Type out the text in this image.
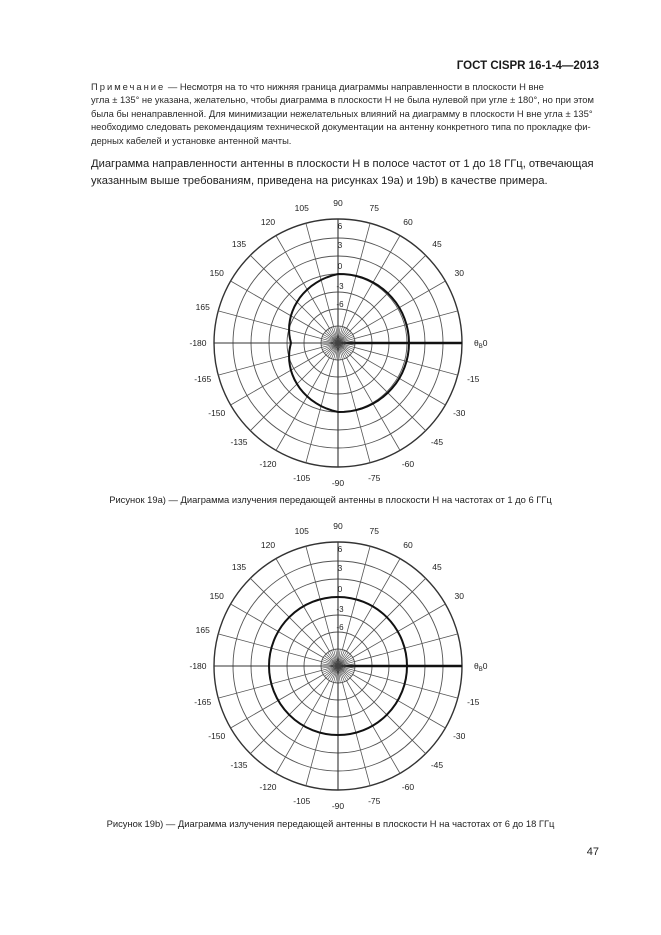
ГОСТ CISPR 16-1-4—2013
Примечание — Несмотря на то что нижняя граница диаграммы направленности в плоскости H вне
угла ± 135° не указана, желательно, чтобы диаграмма в плоскости H не была нулевой при угле ± 180°, но при этом
была бы ненаправленной. Для минимизации нежелательных влияний на диаграмму в плоскости H вне угла ± 135°
необходимо следовать рекомендациям технической документации на антенну конкретного типа по прокладке фи-
дерных кабелей и установке антенной мачты.
Диаграмма направленности антенны в плоскости H в полосе частот от 1 до 18 ГГц, отвечающая
указанным выше требованиям, приведена на рисунках 19a) и 19b) в качестве примера.
90	75
60
45
30
$\theta_B0$
-15
-30
-45
-60
-75
-90
-105
-120
-135
-150
-165
-180
165
150
135
120
105
6
3
0
-3
-6
Рисунок 19a) — Диаграмма излучения передающей антенны в плоскости H на частотах от 1 до 6 ГГц
90	75
60
45
30
$\theta_B0$
-15
-30
-45
-60
-75
-90
-105
-120
-135
-150
-165
-180
165
150
135
120
105
6
3
0
-3
-6
Рисунок 19b) — Диаграмма излучения передающей антенны в плоскости H на частотах от 6 до 18 ГГц
47
